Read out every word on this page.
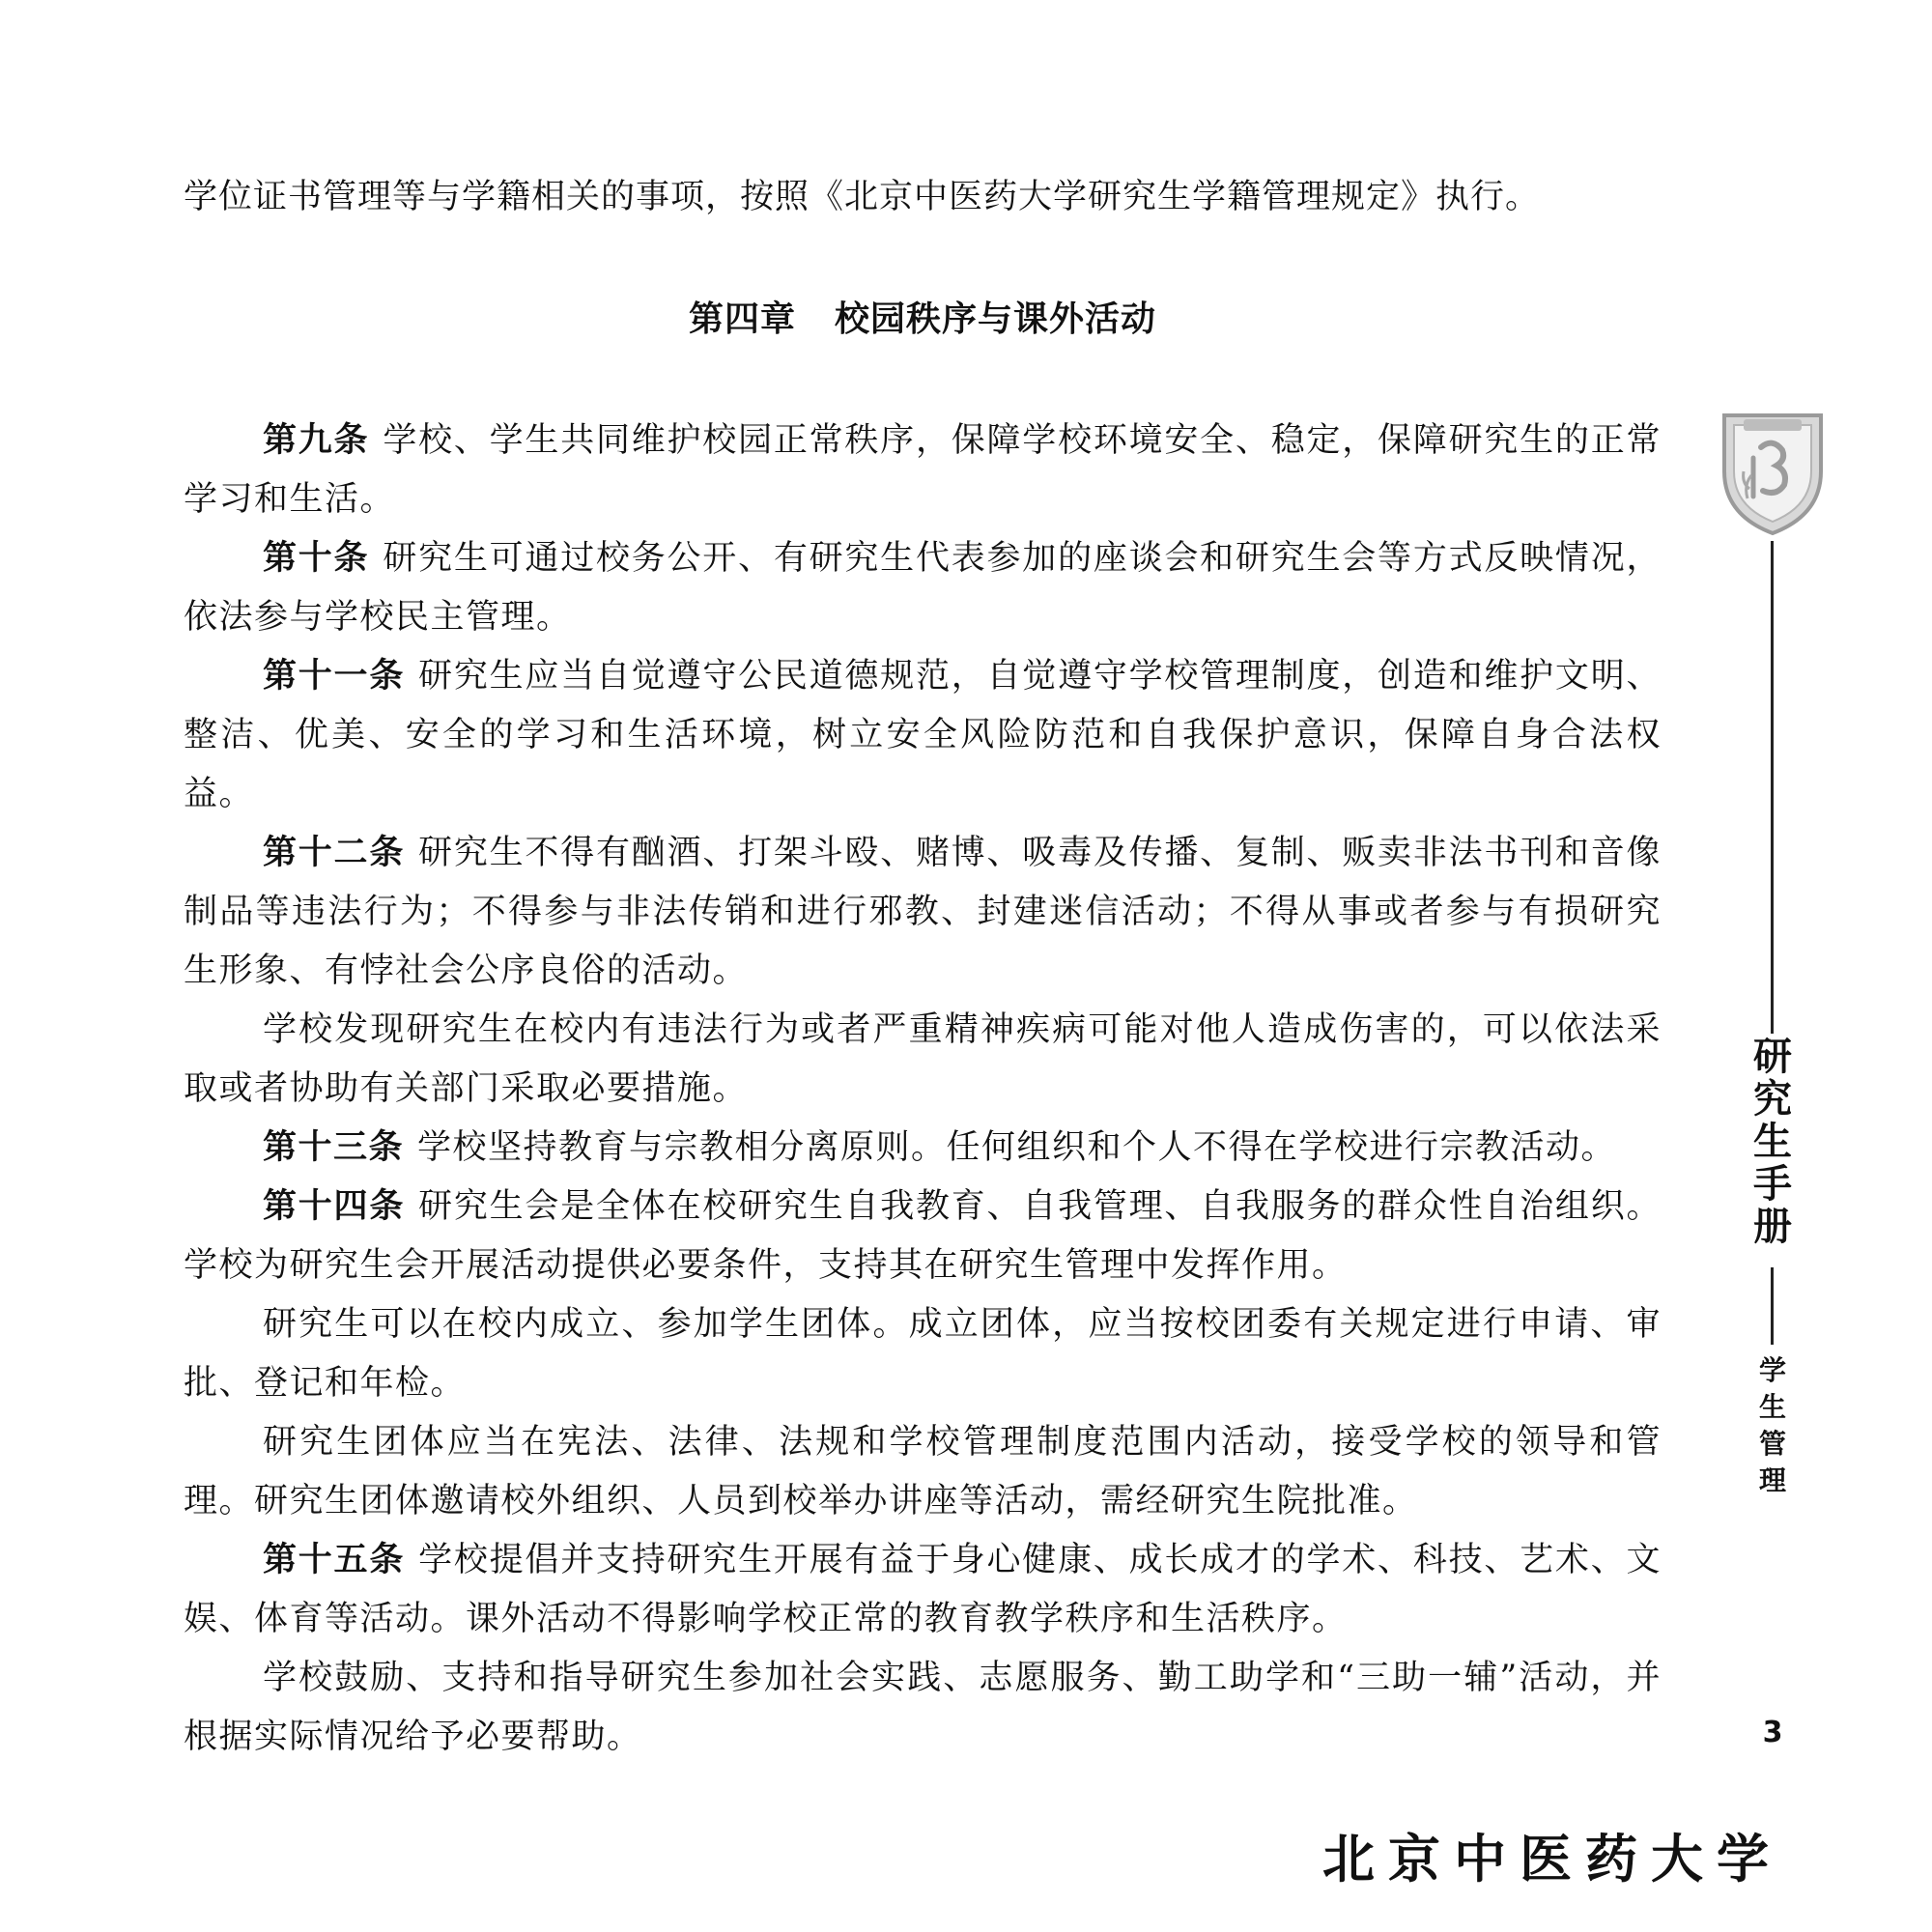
学位证书管理等与学籍相关的事项，按照《北京中医药大学研究生学籍管理规定》执行。

第四章 校园秩序与课外活动

第九条 学校、学生共同维护校园正常秩序，保障学校环境安全、稳定，保障研究生的正常学习和生活。

第十条 研究生可通过校务公开、有研究生代表参加的座谈会和研究生会等方式反映情况，依法参与学校民主管理。

第十一条 研究生应当自觉遵守公民道德规范，自觉遵守学校管理制度，创造和维护文明、整洁、优美、安全的学习和生活环境，树立安全风险防范和自我保护意识，保障自身合法权益。

第十二条 研究生不得有酗酒、打架斗殴、赌博、吸毒及传播、复制、贩卖非法书刊和音像制品等违法行为；不得参与非法传销和进行邪教、封建迷信活动；不得从事或者参与有损研究生形象、有悖社会公序良俗的活动。

学校发现研究生在校内有违法行为或者严重精神疾病可能对他人造成伤害的，可以依法采取或者协助有关部门采取必要措施。

第十三条 学校坚持教育与宗教相分离原则。任何组织和个人不得在学校进行宗教活动。

第十四条 研究生会是全体在校研究生自我教育、自我管理、自我服务的群众性自治组织。学校为研究生会开展活动提供必要条件，支持其在研究生管理中发挥作用。

研究生可以在校内成立、参加学生团体。成立团体，应当按校团委有关规定进行申请、审批、登记和年检。

研究生团体应当在宪法、法律、法规和学校管理制度范围内活动，接受学校的领导和管理。研究生团体邀请校外组织、人员到校举办讲座等活动，需经研究生院批准。

第十五条 学校提倡并支持研究生开展有益于身心健康、成长成才的学术、科技、艺术、文娱、体育等活动。课外活动不得影响学校正常的教育教学秩序和生活秩序。

学校鼓励、支持和指导研究生参加社会实践、志愿服务、勤工助学和“三助一辅”活动，并根据实际情况给予必要帮助。

研
究
生
手
册
学
生
管
理
3
北京中医药大学
